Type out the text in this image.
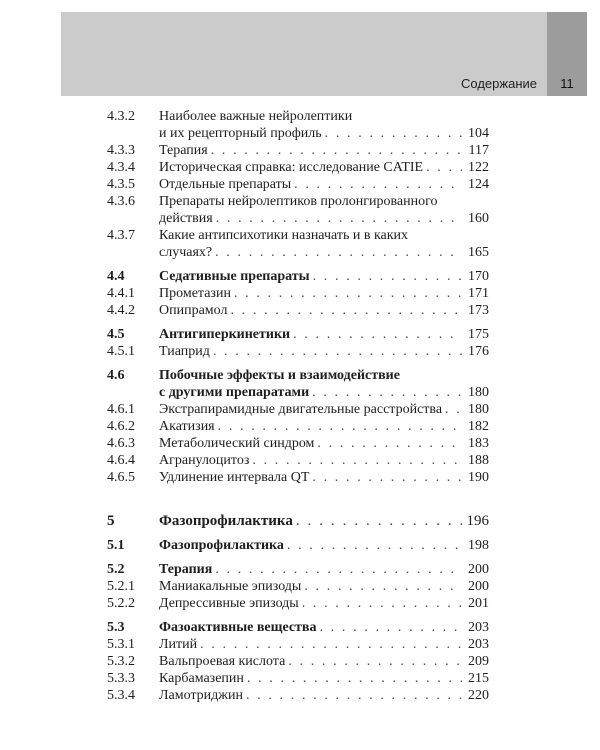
Содержание	11
4.3.2	Наиболее важные нейролептики
и их рецепторный профиль . . .	104
4.3.3	Терапия . . .	117
4.3.4	Историческая справка: исследование CATIE . . .	122
4.3.5	Отдельные препараты . . .	124
4.3.6	Препараты нейролептиков пролонгированного
действия . . .	160
4.3.7	Какие антипсихотики назначать и в каких
случаях? . . .	165
4.4	Седативные препараты . . .	170
4.4.1	Прометазин . . .	171
4.4.2	Опипрамол . . .	173
4.5	Антигиперкинетики . . .	175
4.5.1	Тиаприд . . .	176
4.6	Побочные эффекты и взаимодействие
с другими препаратами . . .	180
4.6.1	Экстрапирамидные двигательные расстройства . . . 180
4.6.2	Акатизия . . .	182
4.6.3	Метаболический синдром . . .	183
4.6.4	Агранулоцитоз . . .	188
4.6.5	Удлинение интервала QT . . .	190
5	Фазопрофилактика . . .	196
5.1	Фазопрофилактика . . .	198
5.2	Терапия . . .	200
5.2.1	Маниакальные эпизоды . . .	200
5.2.2	Депрессивные эпизоды . . .	201
5.3	Фазоактивные вещества . . .	203
5.3.1	Литий . . .	203
5.3.2	Вальпроевая кислота . . .	209
5.3.3	Карбамазепин . . .	215
5.3.4	Ламотриджин . . .	220
